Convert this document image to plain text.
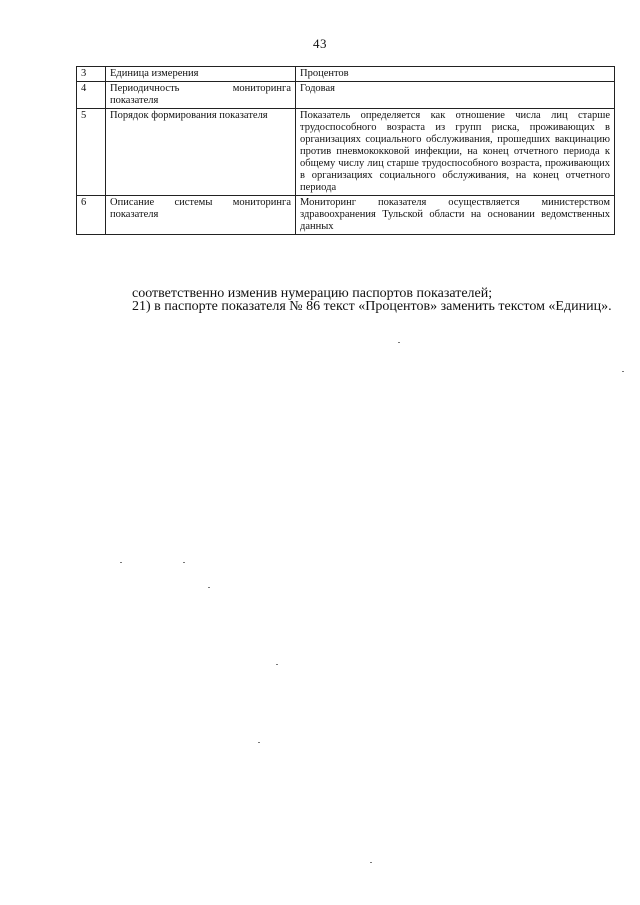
43
3	Единица измерения	Процентов
4	Периодичность мониторинга показателя	Годовая
5	Порядок формирования показателя	Показатель определяется как отношение числа лиц старше трудоспособного возраста из групп риска, проживающих в организациях социального обслуживания, прошедших вакцинацию против пневмококковой инфекции, на конец отчетного периода к общему числу лиц старше трудоспособного возраста, проживающих в организациях социального обслуживания, на конец отчетного периода
6	Описание системы мониторинга показателя	Мониторинг показателя осуществляется министерством здравоохранения Тульской области на основании ведомственных данных
соответственно изменив нумерацию паспортов показателей;
21) в паспорте показателя № 86 текст «Процентов» заменить текстом «Единиц».
